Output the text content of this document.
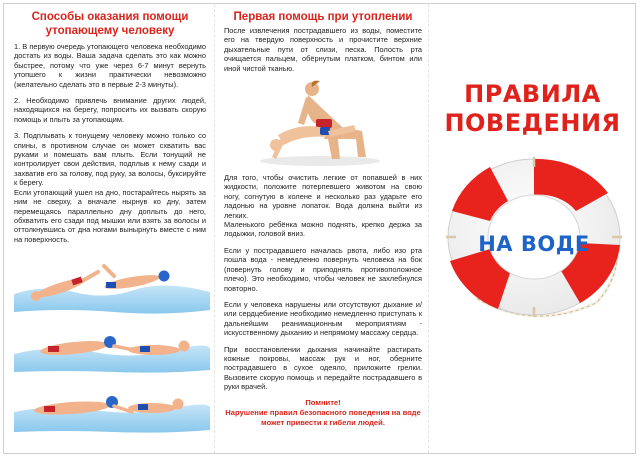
Способы оказания помощи
утопающему человеку

1. В первую очередь утопающего человека необходимо достать из воды. Ваша задача сделать это как можно быстрее, потому что уже через 6-7 минут вернуть утопшего к жизни практически невозможно (желательно сделать это в первые 2-3 минуты).

2. Необходимо привлечь внимание других людей, находящихся на берегу, попросить их вызвать скорую помощь и плыть за утопающим.

3. Подплывать к тонущему человеку можно только со спины, в противном случае он может схватить вас руками и помешать вам плыть. Если тонущий не контролирует свои действия, подплыв к нему сзади и захватив его за голову, под руку, за волосы, буксируйте к берегу.

Если утопающий ушел на дно, постарайтесь нырять за ним не сверху, а вначале нырнув ко дну, затем перемещаясь параллельно дну доплыть до него, обхватить его сзади под мышки или взять за волосы и оттолкнувшись от дна ногами вынырнуть вместе с ним на поверхность.

Первая помощь при утоплении

После извлечения пострадавшего из воды, поместите его на твердую поверхность и прочистите верхние дыхательные пути от слизи, песка. Полость рта очищается пальцем, обёрнутым платком, бинтом или иной чистой тканью.

Для того, чтобы очистить легкие от попавшей в них жидкости, положите потерпевшего животом на свою ногу, согнутую в колене и несколько раз ударьте его ладонью на уровне лопаток. Вода должна выйти из легких.

Маленького ребёнка можно поднять, крепко держа за лодыжки, головой вниз.

Если у пострадавшего началась рвота, либо изо рта пошла вода - немедленно повернуть человека на бок (повернуть голову и приподнять противоположное плечо). Это необходимо, чтобы человек не захлебнулся повторно.

Если у человека нарушены или отсутствуют дыхание и/или сердцебиение необходимо немедленно приступать к дальнейшим реанимационным мероприятиям - искусственному дыханию и непрямому массажу сердца.

При восстановлении дыхания начинайте растирать кожные покровы, массаж рук и ног, оберните пострадавшего в сухое одеяло, приложите грелки. Вызовите скорую помощь и передайте пострадавшего в руки врачей.

Помните!
Нарушение правил безопасного поведения на воде может привести к гибели людей.
ПРАВИЛА
ПОВЕДЕНИЯ
НА ВОДЕ
